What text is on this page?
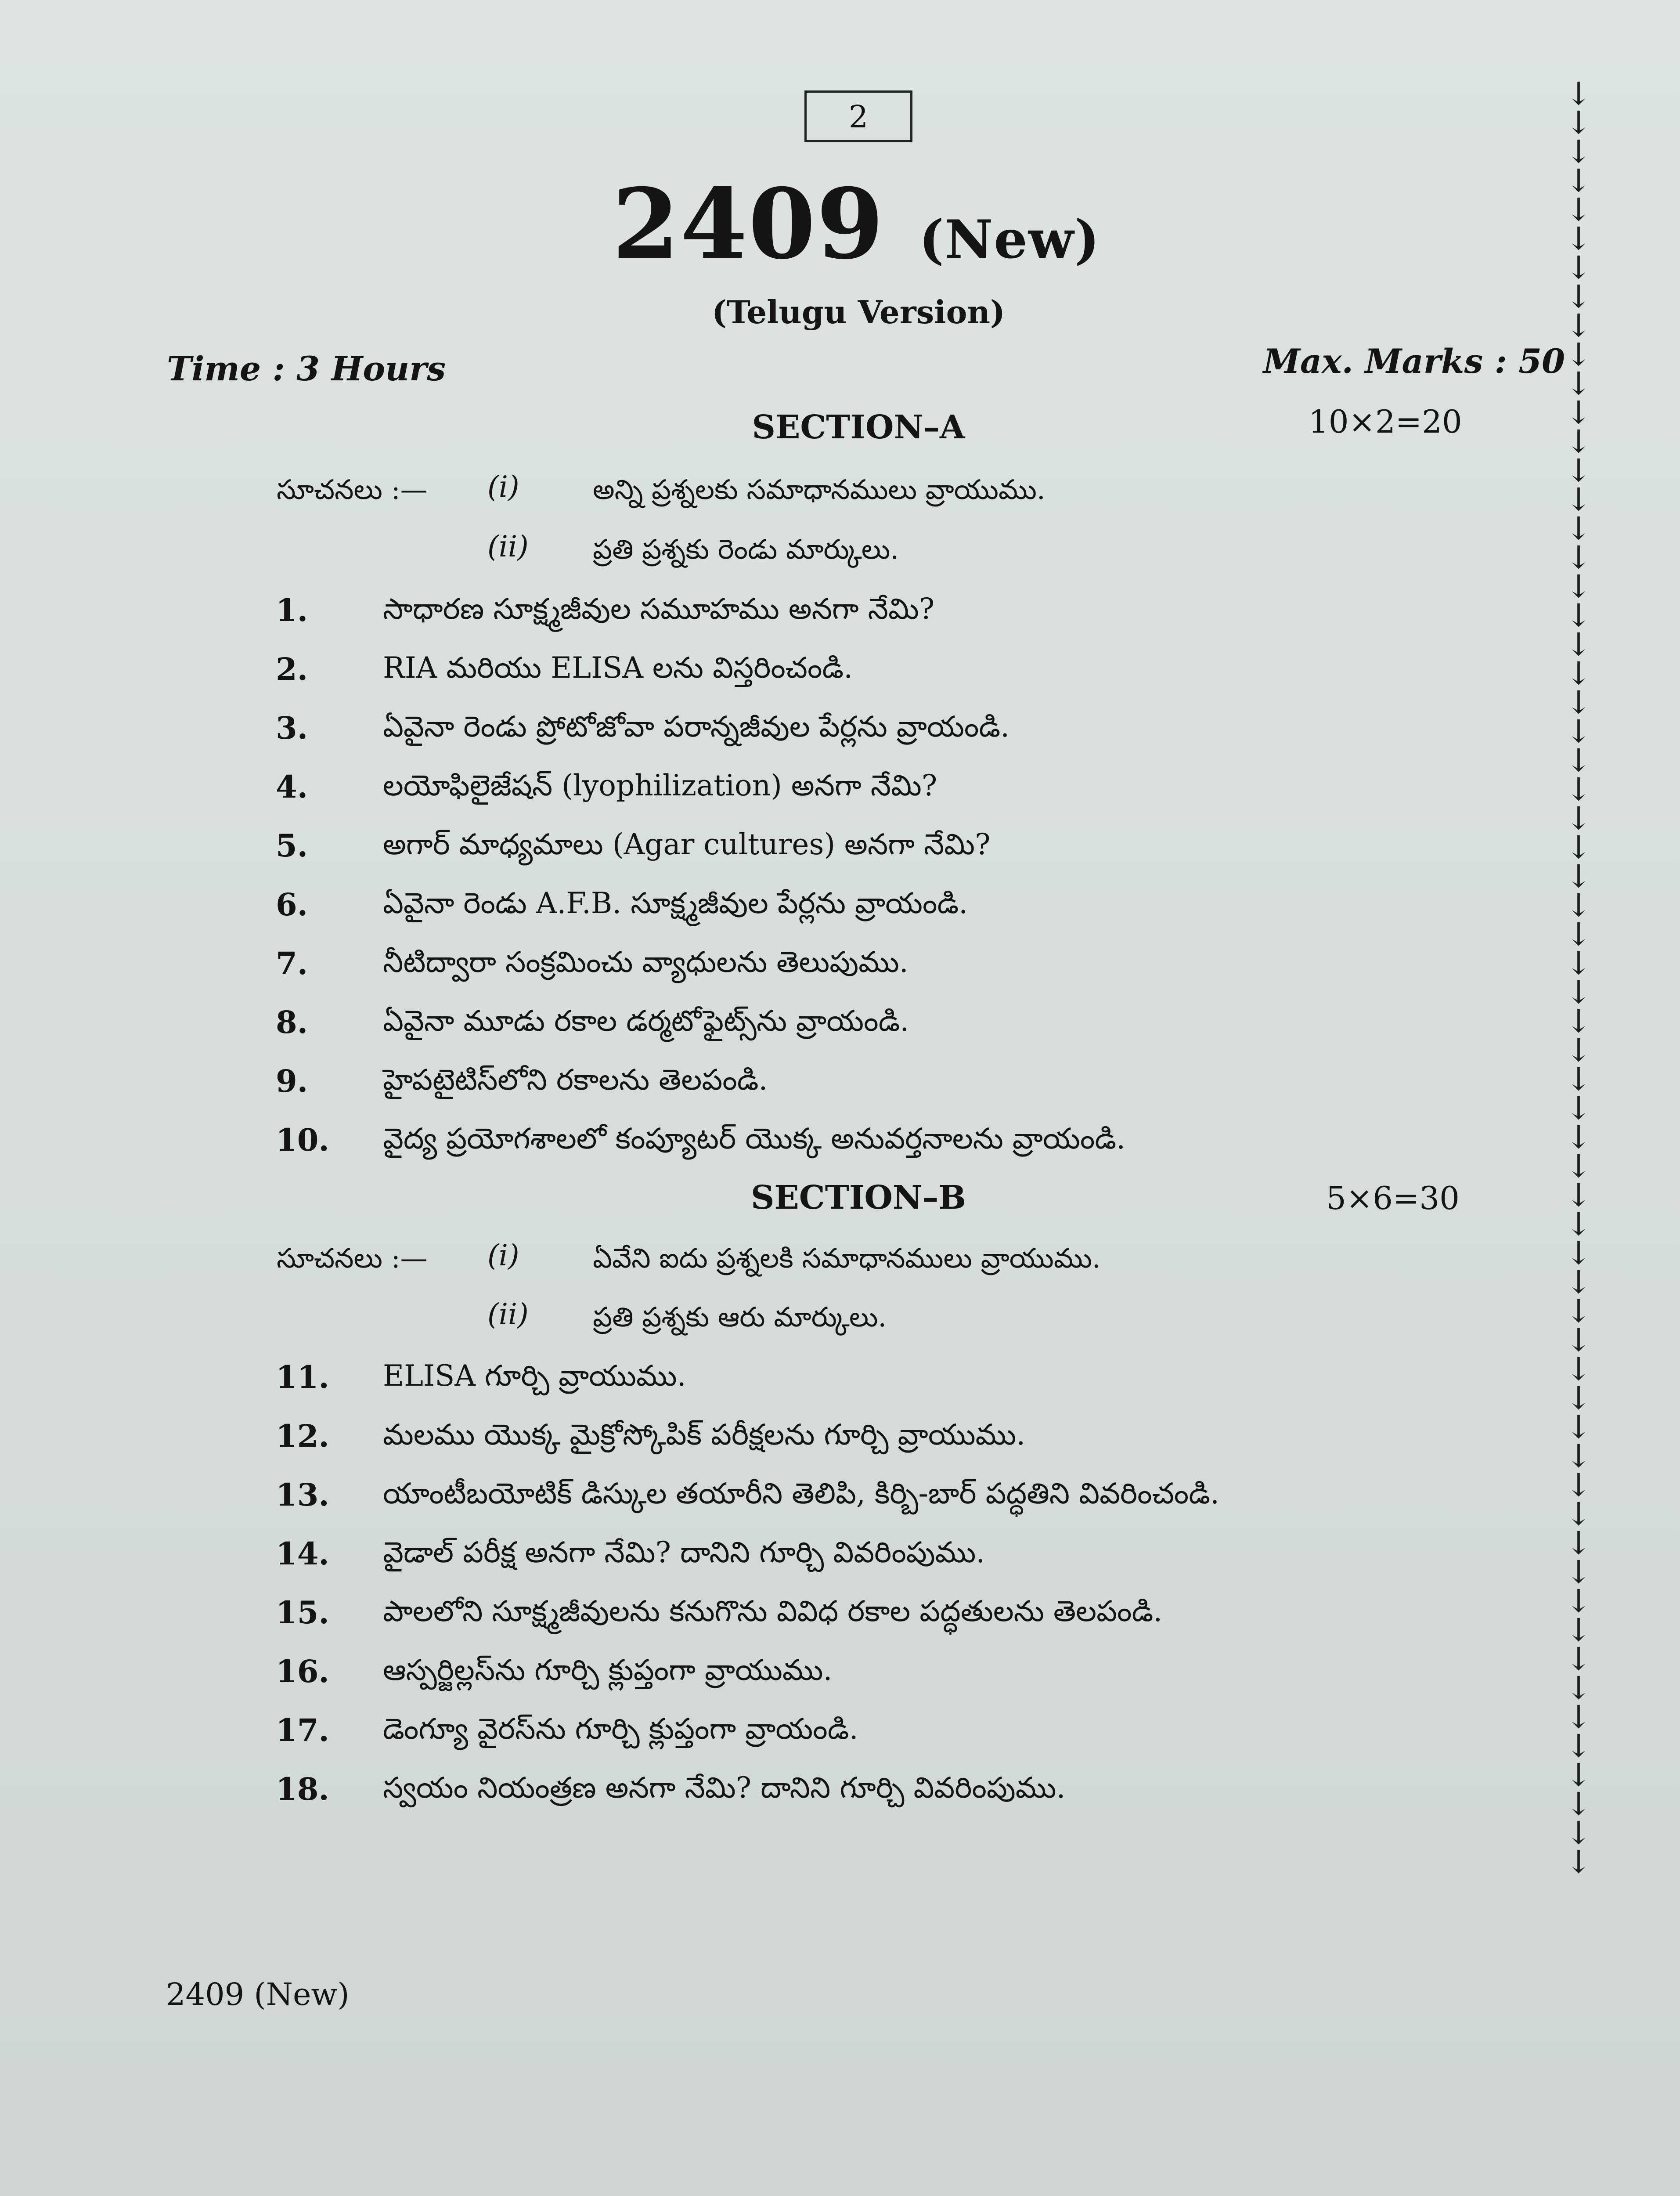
2
2409 (New)
(Telugu Version)
Time : 3 Hours	Max. Marks : 50
SECTION–A	10×2=20
సూచనలు :— (i)	అన్ని ప్రశ్నలకు సమాధానములు వ్రాయుము.
(ii) ప్రతి ప్రశ్నకు రెండు మార్కులు.
1.	సాధారణ సూక్ష్మజీవుల సమూహము అనగా నేమి?
2.	RIA మరియు ELISA లను విస్తరించండి.
3.	ఏవైనా రెండు ప్రోటోజోవా పరాన్నజీవుల పేర్లను వ్రాయండి.
4.	లయోఫిలైజేషన్ (lyophilization) అనగా నేమి?
5.	అగార్ మాధ్యమాలు (Agar cultures) అనగా నేమి?
6.	ఏవైనా రెండు A.F.B. సూక్ష్మజీవుల పేర్లను వ్రాయండి.
7.	నీటిద్వారా సంక్రమించు వ్యాధులను తెలుపుము.
8.	ఏవైనా మూడు రకాల డర్మటోఫైట్స్‌ను వ్రాయండి.
9.	హైపటైటిస్‌లోని రకాలను తెలపండి.
10.	వైద్య ప్రయోగశాలలో కంప్యూటర్ యొక్క అనువర్తనాలను వ్రాయండి.
SECTION–B	5×6=30
సూచనలు :— (i)	ఏవేని ఐదు ప్రశ్నలకి సమాధానములు వ్రాయుము.
(ii) ప్రతి ప్రశ్నకు ఆరు మార్కులు.
11.	ELISA గూర్చి వ్రాయుము.
12.	మలము యొక్క మైక్రోస్కోపిక్ పరీక్షలను గూర్చి వ్రాయుము.
13.	యాంటీబయోటిక్ డిస్కుల తయారీని తెలిపి, కిర్బి-బార్ పద్ధతిని వివరించండి.
14.	వైడాల్ పరీక్ష అనగా నేమి? దానిని గూర్చి వివరింపుము.
15.	పాలలోని సూక్ష్మజీవులను కనుగొను వివిధ రకాల పద్ధతులను తెలపండి.
16.	ఆస్పర్జిల్లస్‌ను గూర్చి క్లుప్తంగా వ్రాయుము.
17.	డెంగ్యూ వైరస్‌ను గూర్చి క్లుప్తంగా వ్రాయండి.
18.	స్వయం నియంత్రణ అనగా నేమి? దానిని గూర్చి వివరింపుము.
2409 (New)
↓
↓
↓
↓
↓
↓
↓
↓
↓
↓
↓
↓
↓
↓
↓
↓
↓
↓
↓
↓
↓
↓
↓
↓
↓
↓
↓
↓
↓
↓
↓
↓
↓
↓
↓
↓
↓
↓
↓
↓
↓
↓
↓
↓
↓
↓
↓
↓
↓
↓
↓
↓
↓
↓
↓
↓
↓
↓
↓
↓
↓
↓
